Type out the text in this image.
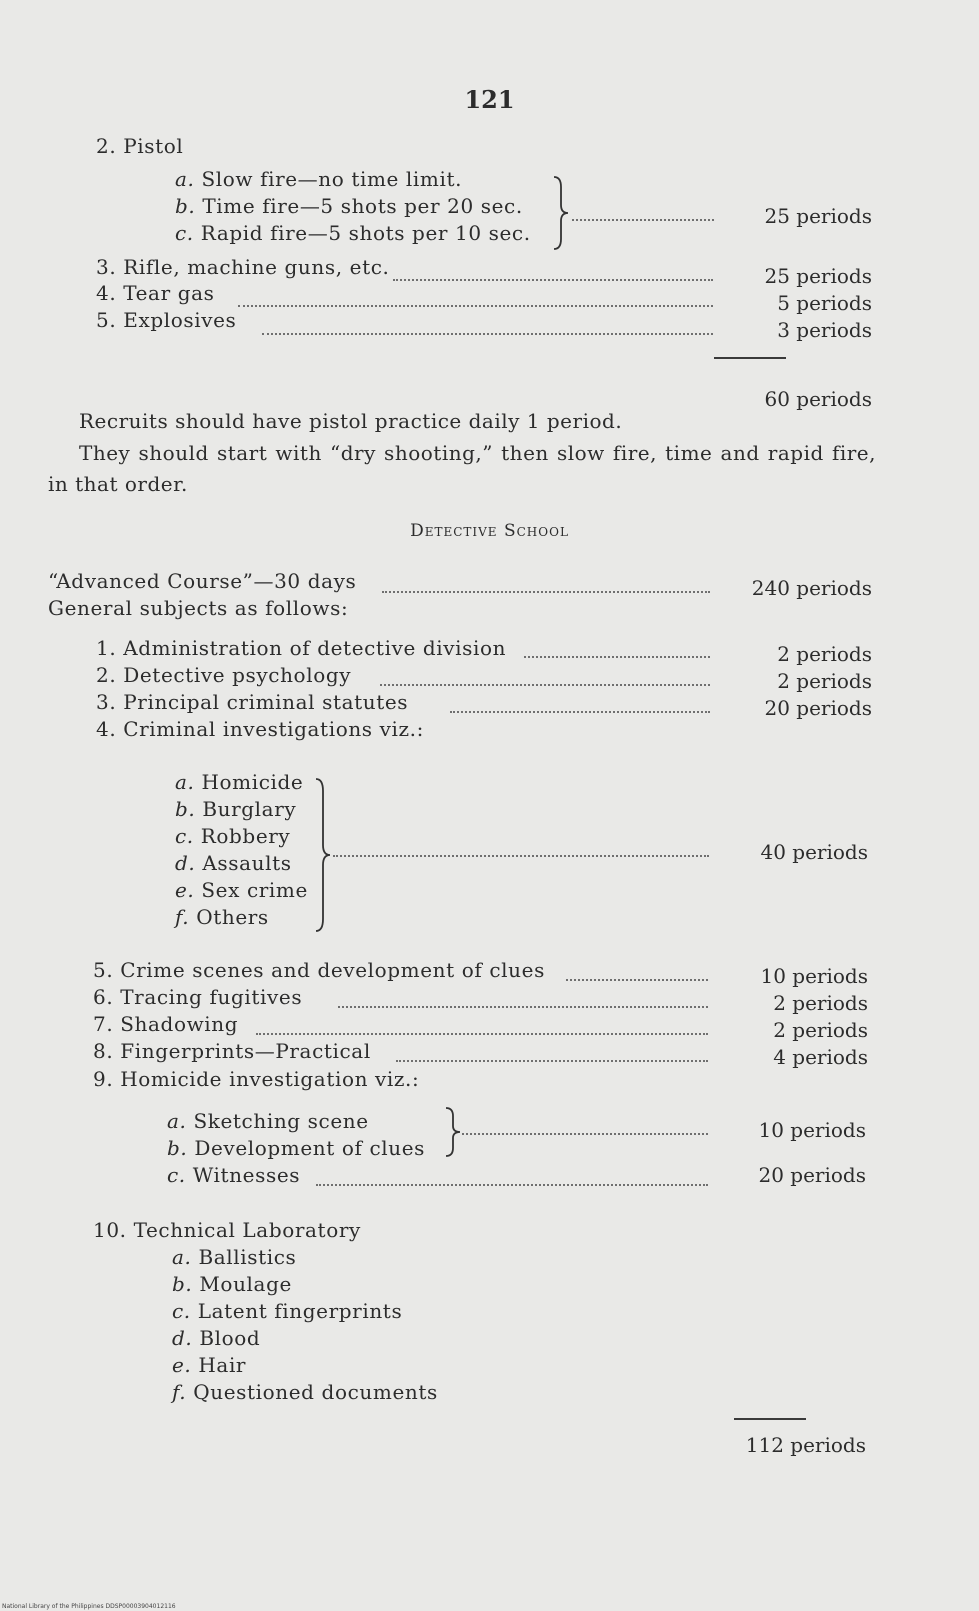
121
2. Pistol
a. Slow fire—no time limit.
b. Time fire—5 shots per 20 sec.
c. Rapid fire—5 shots per 10 sec.
25 periods
3. Rifle, machine guns, etc.	25 periods
4. Tear gas	5 periods
5. Explosives	3 periods
60 periods
Recruits should have pistol practice daily 1 period.
They should start with “dry shooting,” then slow fire, time and rapid fire, in that order.
Detective School
“Advanced Course”—30 days	240 periods
General subjects as follows:
1. Administration of detective division	2 periods
2. Detective psychology	2 periods
3. Principal criminal statutes	20 periods
4. Criminal investigations viz.:
a. Homicide
b. Burglary
c. Robbery
d. Assaults
e. Sex crime
f. Others
40 periods
5. Crime scenes and development of clues	10 periods
6. Tracing fugitives	2 periods
7. Shadowing	2 periods
8. Fingerprints—Practical	4 periods
9. Homicide investigation viz.:
a. Sketching scene
b. Development of clues
10 periods
c. Witnesses	20 periods
10. Technical Laboratory
a. Ballistics
b. Moulage
c. Latent fingerprints
d. Blood
e. Hair
f. Questioned documents
112 periods
National Library of the Philippines DDSP00003904012116
